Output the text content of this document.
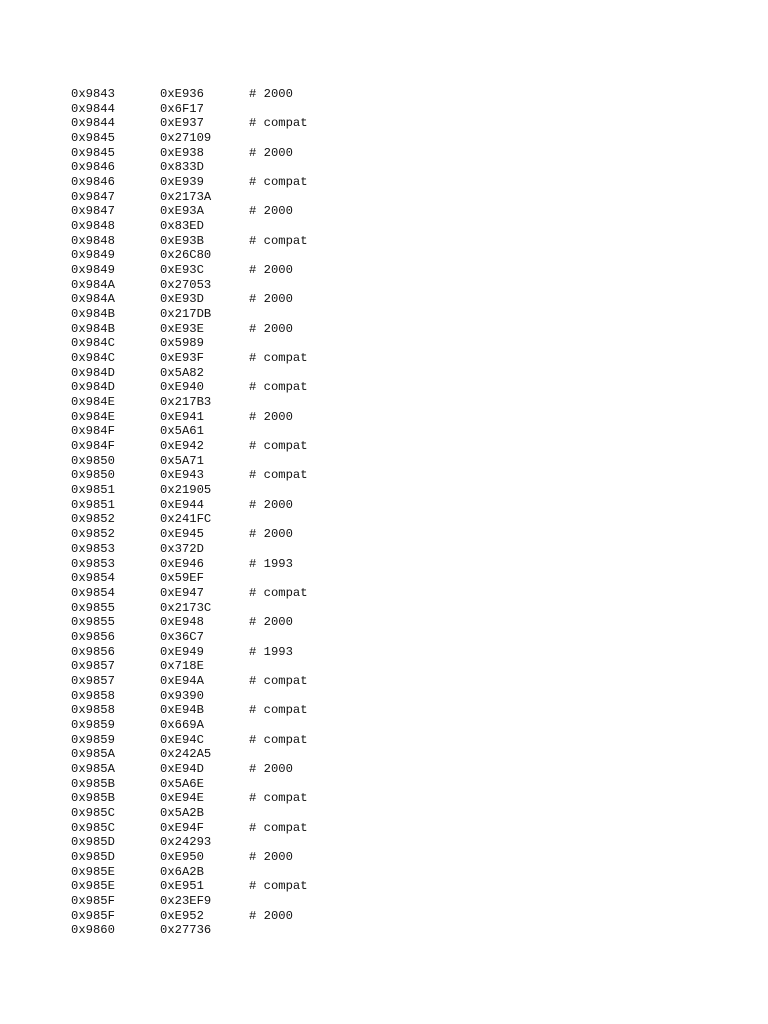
0x9843	0xE936	# 2000
0x9844	0x6F17
0x9844	0xE937	# compat
0x9845	0x27109
0x9845	0xE938	# 2000
0x9846	0x833D
0x9846	0xE939	# compat
0x9847	0x2173A
0x9847	0xE93A	# 2000
0x9848	0x83ED
0x9848	0xE93B	# compat
0x9849	0x26C80
0x9849	0xE93C	# 2000
0x984A	0x27053
0x984A	0xE93D	# 2000
0x984B	0x217DB
0x984B	0xE93E	# 2000
0x984C	0x5989
0x984C	0xE93F	# compat
0x984D	0x5A82
0x984D	0xE940	# compat
0x984E	0x217B3
0x984E	0xE941	# 2000
0x984F	0x5A61
0x984F	0xE942	# compat
0x9850	0x5A71
0x9850	0xE943	# compat
0x9851	0x21905
0x9851	0xE944	# 2000
0x9852	0x241FC
0x9852	0xE945	# 2000
0x9853	0x372D
0x9853	0xE946	# 1993
0x9854	0x59EF
0x9854	0xE947	# compat
0x9855	0x2173C
0x9855	0xE948	# 2000
0x9856	0x36C7
0x9856	0xE949	# 1993
0x9857	0x718E
0x9857	0xE94A	# compat
0x9858	0x9390
0x9858	0xE94B	# compat
0x9859	0x669A
0x9859	0xE94C	# compat
0x985A	0x242A5
0x985A	0xE94D	# 2000
0x985B	0x5A6E
0x985B	0xE94E	# compat
0x985C	0x5A2B
0x985C	0xE94F	# compat
0x985D	0x24293
0x985D	0xE950	# 2000
0x985E	0x6A2B
0x985E	0xE951	# compat
0x985F	0x23EF9
0x985F	0xE952	# 2000
0x9860	0x27736
